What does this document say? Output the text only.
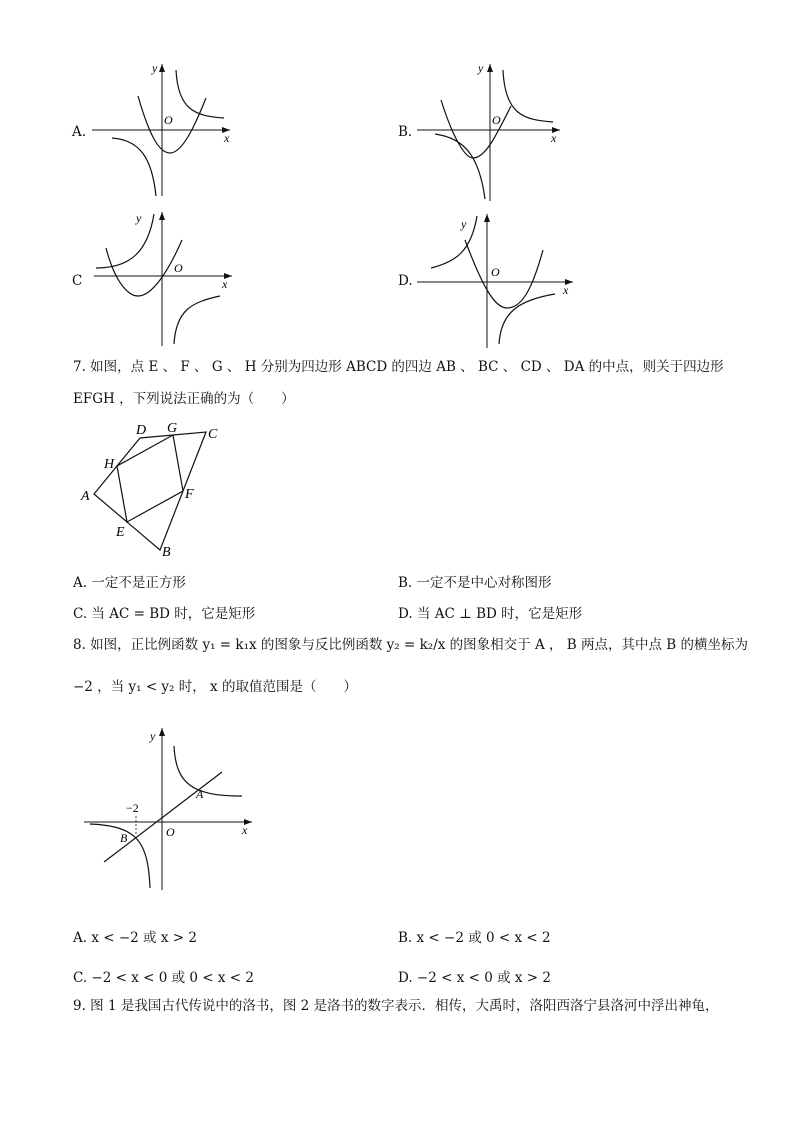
A.
y
x
O
B.
y
x
O
C
y
x
O
D.
y
x
O
7. 如图，点 E 、 F 、 G 、 H 分别为四边形 ABCD 的四边 AB 、 BC 、 CD 、 DA 的中点，则关于四边形
EFGH ，下列说法正确的为（　　）
A
B
C
D
E
F
G
H
A. 一定不是正方形	B. 一定不是中心对称图形
C. 当 AC = BD 时，它是矩形	D. 当 AC ⊥ BD 时，它是矩形
8. 如图，正比例函数 y₁ = k₁x 的图象与反比例函数 y₂ = k₂/x 的图象相交于 A ， B 两点，其中点 B 的横坐标为
−2 ，当 y₁ < y₂ 时， x 的取值范围是（　　）
y
x
O
−2
B
A
A. x < −2 或 x > 2	B. x < −2 或 0 < x < 2
C. −2 < x < 0 或 0 < x < 2	D. −2 < x < 0 或 x > 2
9. 图 1 是我国古代传说中的洛书，图 2 是洛书的数字表示．相传，大禹时，洛阳西洛宁县洛河中浮出神龟，
